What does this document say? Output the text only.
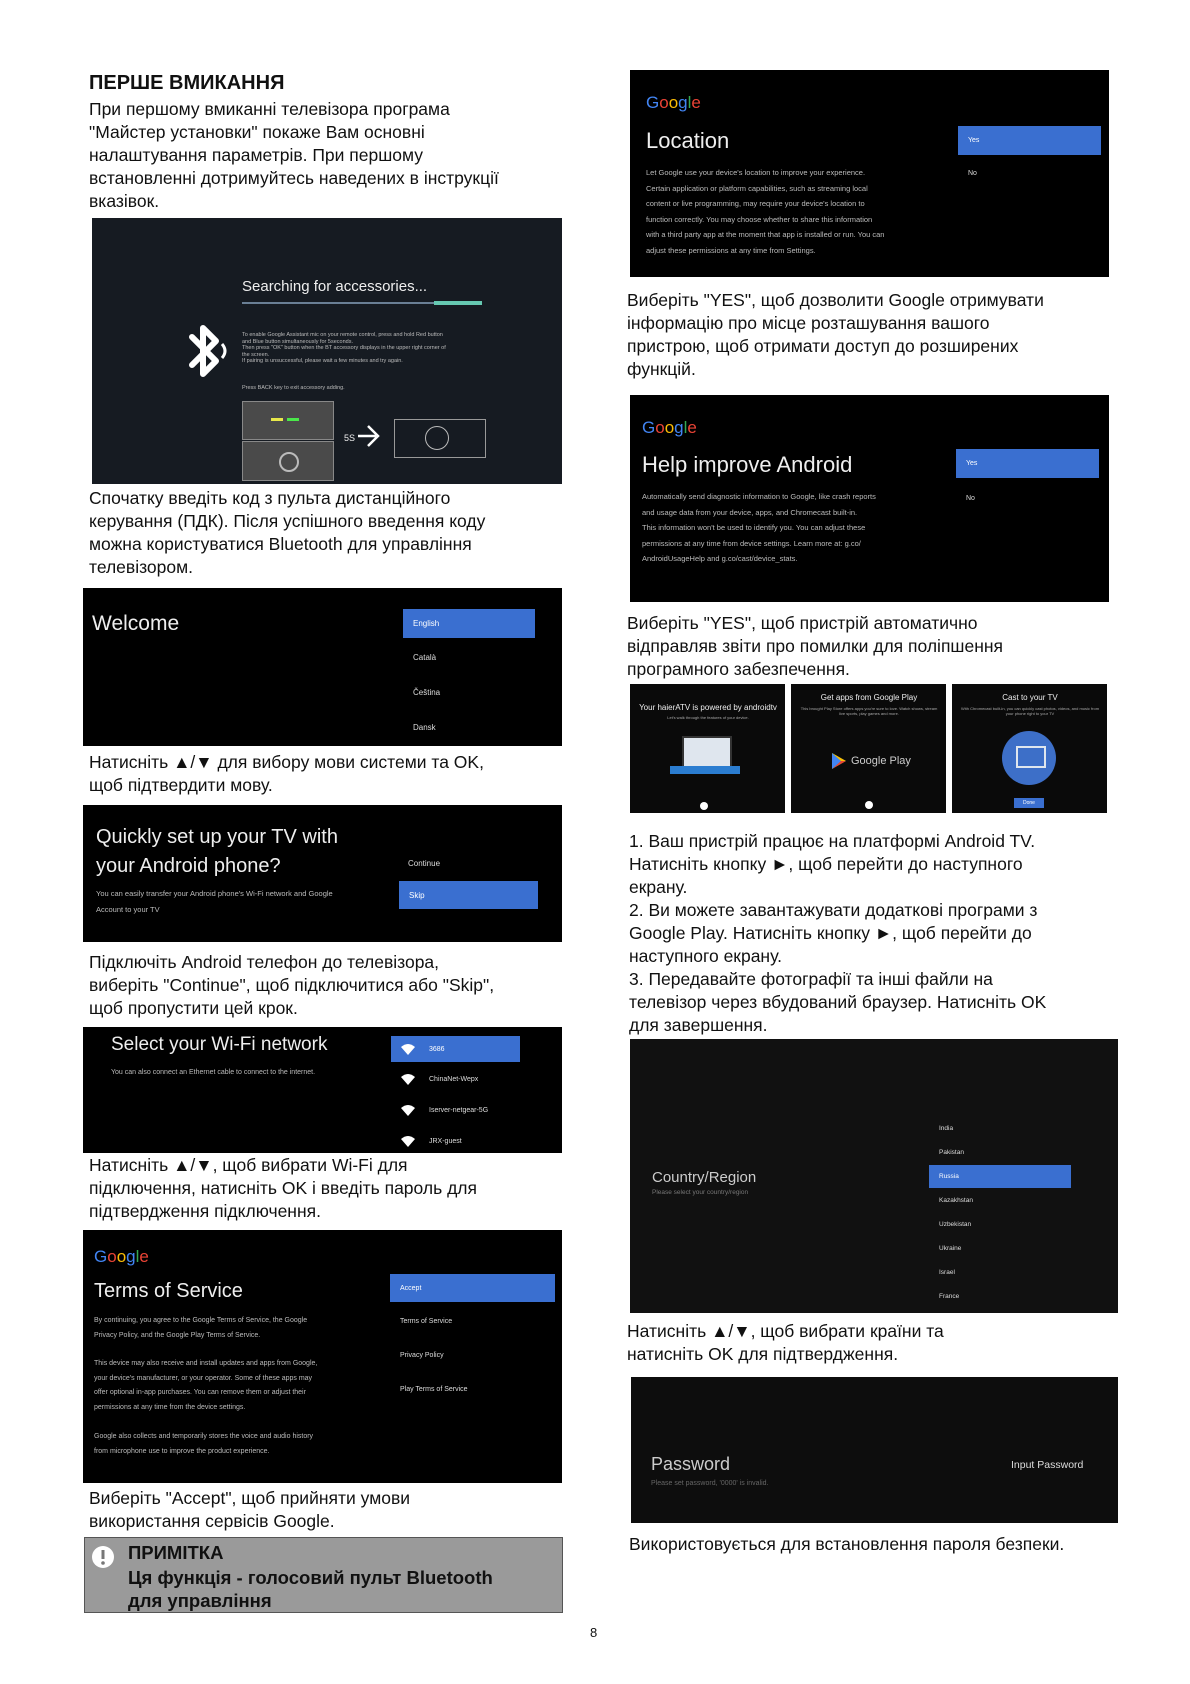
ПЕРШЕ ВМИКАННЯ
При першому вмиканні телевізора програма
"Майстер установки" покаже Вам основні
налаштування параметрів. При першому
встановленні дотримуйтесь наведених в інструкції
вказівок.
Searching for accessories...
To enable Google Assistant mic on your remote control, press and hold Red button
and Blue button simultaneously for 5seconds.
Then press "OK" button when the BT accessory displays in the upper right corner of
the screen.
If pairing is unsuccessful, please wait a few minutes and try again.
Press BACK key to exit accessory adding.
5S
Спочатку введіть код з пульта дистанційного
керування (ПДК). Після успішного введення коду
можна користуватися Bluetooth для управління
телевізором.
Welcome	English
Català
Čeština
Dansk
Натисніть ▲/▼ для вибору мови системи та OK,
щоб підтвердити мову.
Quickly set up your TV with
your Android phone?
You can easily transfer your Android phone's Wi-Fi network and Google
Account to your TV
Continue
Skip
Підключіть Android телефон до телевізора,
виберіть "Continue", щоб підключитися або "Skip",
щоб пропустити цей крок.
Select your Wi-Fi network
You can also connect an Ethernet cable to connect to the internet.
3686
ChinaNet-Wepx
Iserver-netgear-5G
JRX-guest
Натисніть ▲/▼, щоб вибрати Wi-Fi для
підключення, натисніть OK і введіть пароль для
підтвердження підключення.
Google
Terms of Service
By continuing, you agree to the Google Terms of Service, the Google
Privacy Policy, and the Google Play Terms of Service.
This device may also receive and install updates and apps from Google,
your device's manufacturer, or your operator. Some of these apps may
offer optional in-app purchases. You can remove them or adjust their
permissions at any time from the device settings.
Google also collects and temporarily stores the voice and audio history
from microphone use to improve the product experience.
Accept
Terms of Service
Privacy Policy
Play Terms of Service
Виберіть "Accept", щоб прийняти умови
використання сервісів Google.
ПРИМІТКА
Ця функція - голосовий пульт Bluetooth
для управління
Google
Location
Let Google use your device's location to improve your experience.
Certain application or platform capabilities, such as streaming local
content or live programming, may require your device's location to
function correctly. You may choose whether to share this information
with a third party app at the moment that app is installed or run. You can
adjust these permissions at any time from Settings.
Yes
No
Виберіть "YES", щоб дозволити Google отримувати
інформацію про місце розташування вашого
пристрою, щоб отримати доступ до розширених
функцій.
Google
Help improve Android
Automatically send diagnostic information to Google, like crash reports
and usage data from your device, apps, and Chromecast built-in.
This information won't be used to identify you. You can adjust these
permissions at any time from device settings. Learn more at: g.co/
AndroidUsageHelp and g.co/cast/device_stats.
Yes
No
Виберіть "YES", щоб пристрій автоматично
відправляв звіти про помилки для поліпшення
програмного забезпечення.
Your haierATV is powered by androidtv
Let's walk through the features of your device.
Get apps from Google Play
This brought Play Store offers apps you're sure to love. Watch shows, stream live sports, play games and more.
Google Play
Cast to your TV
With Chromecast built-in, you can quickly cast photos, videos, and music from your phone right to your TV
Done
1. Ваш пристрій працює на платформі Android TV.
Натисніть кнопку ►, щоб перейти до наступного
екрану.
2. Ви можете завантажувати додаткові програми з
Google Play. Натисніть кнопку ►, щоб перейти до
наступного екрану.
3. Передавайте фотографії та інші файли на
телевізор через вбудований браузер. Натисніть OK
для завершення.
Country/Region
Please select your country/region
India
Pakistan
Russia
Kazakhstan
Uzbekistan
Ukraine
Israel
France
Натисніть ▲/▼, щоб вибрати країни та
натисніть OK для підтвердження.
Password
Please set password, '0000' is invalid.
Input Password
Використовується для встановлення пароля безпеки.
8
